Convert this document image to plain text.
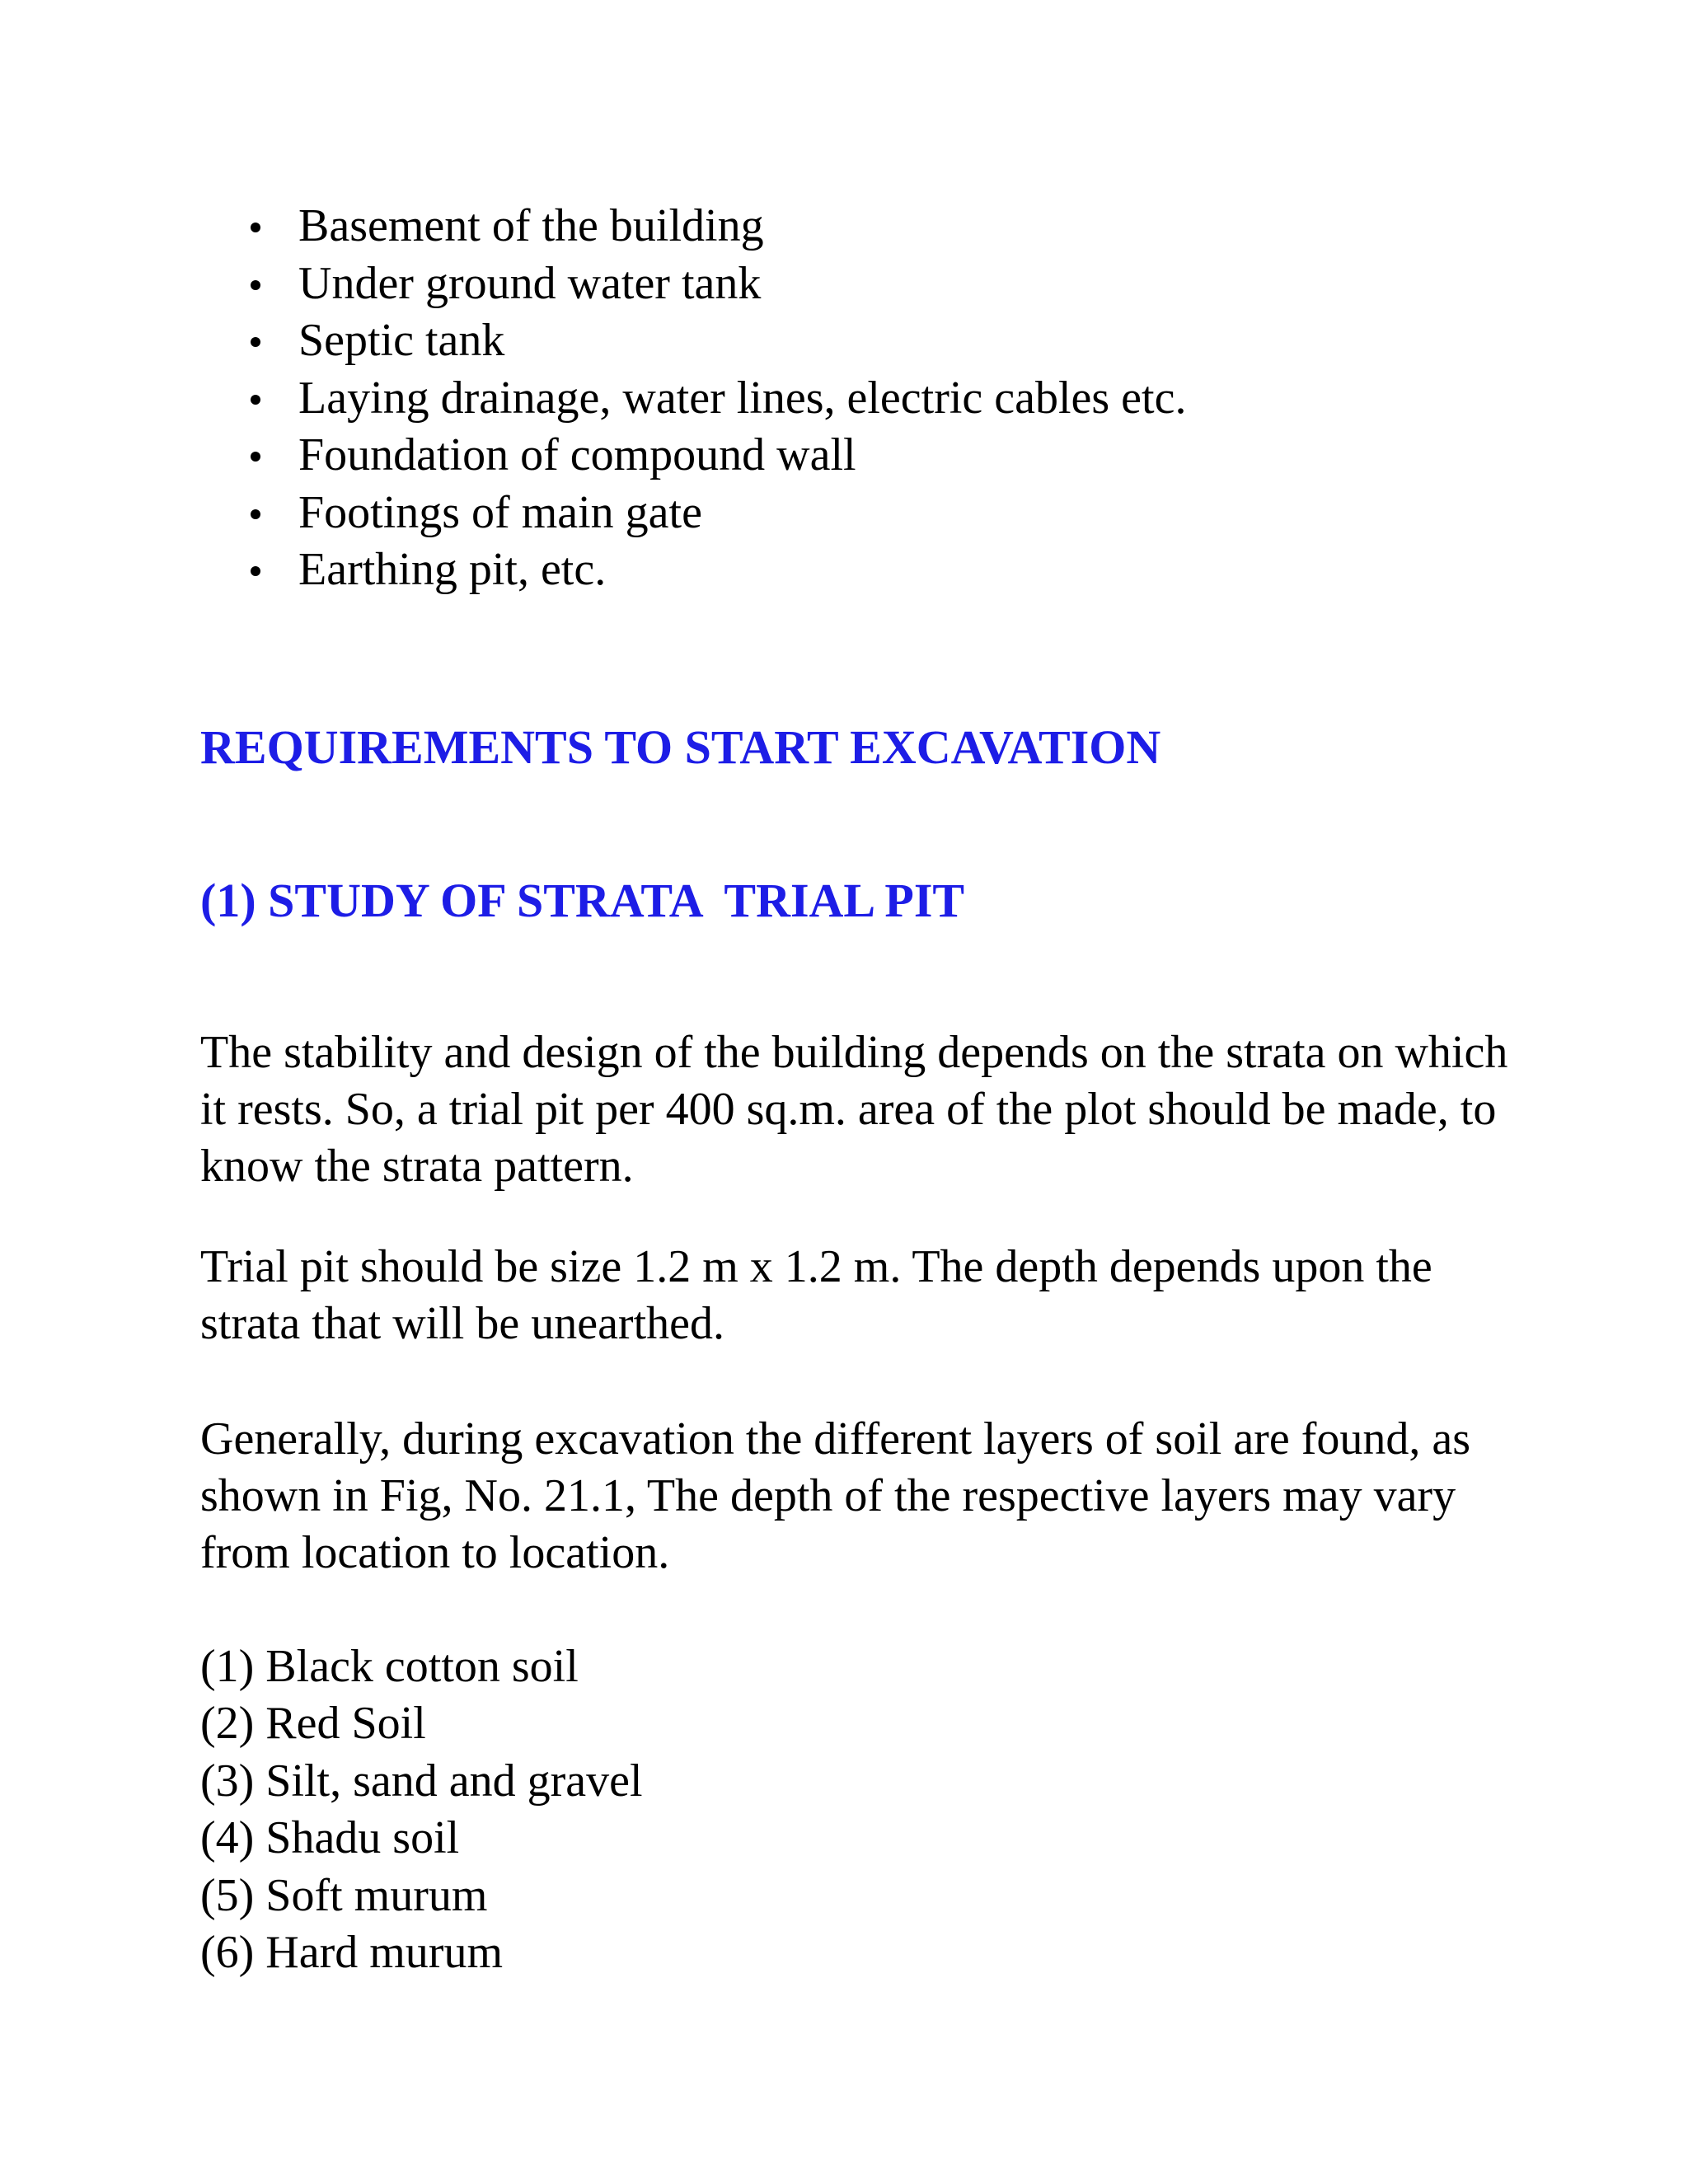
Basement of the building
Under ground water tank
Septic tank
Laying drainage, water lines, electric cables etc.
Foundation of compound wall
Footings of main gate
Earthing pit, etc.
REQUIREMENTS TO START EXCAVATION
(1) STUDY OF STRATA  TRIAL PIT

The stability and design of the building depends on the strata on which it rests. So, a trial pit per 400 sq.m. area of the plot should be made, to know the strata pattern.

Trial pit should be size 1.2 m x 1.2 m. The depth depends upon the strata that will be unearthed.

Generally, during excavation the different layers of soil are found, as shown in Fig, No. 21.1, The depth of the respective layers may vary from location to location.

(1) Black cotton soil
(2) Red Soil
(3) Silt, sand and gravel
(4) Shadu soil
(5) Soft murum
(6) Hard murum
